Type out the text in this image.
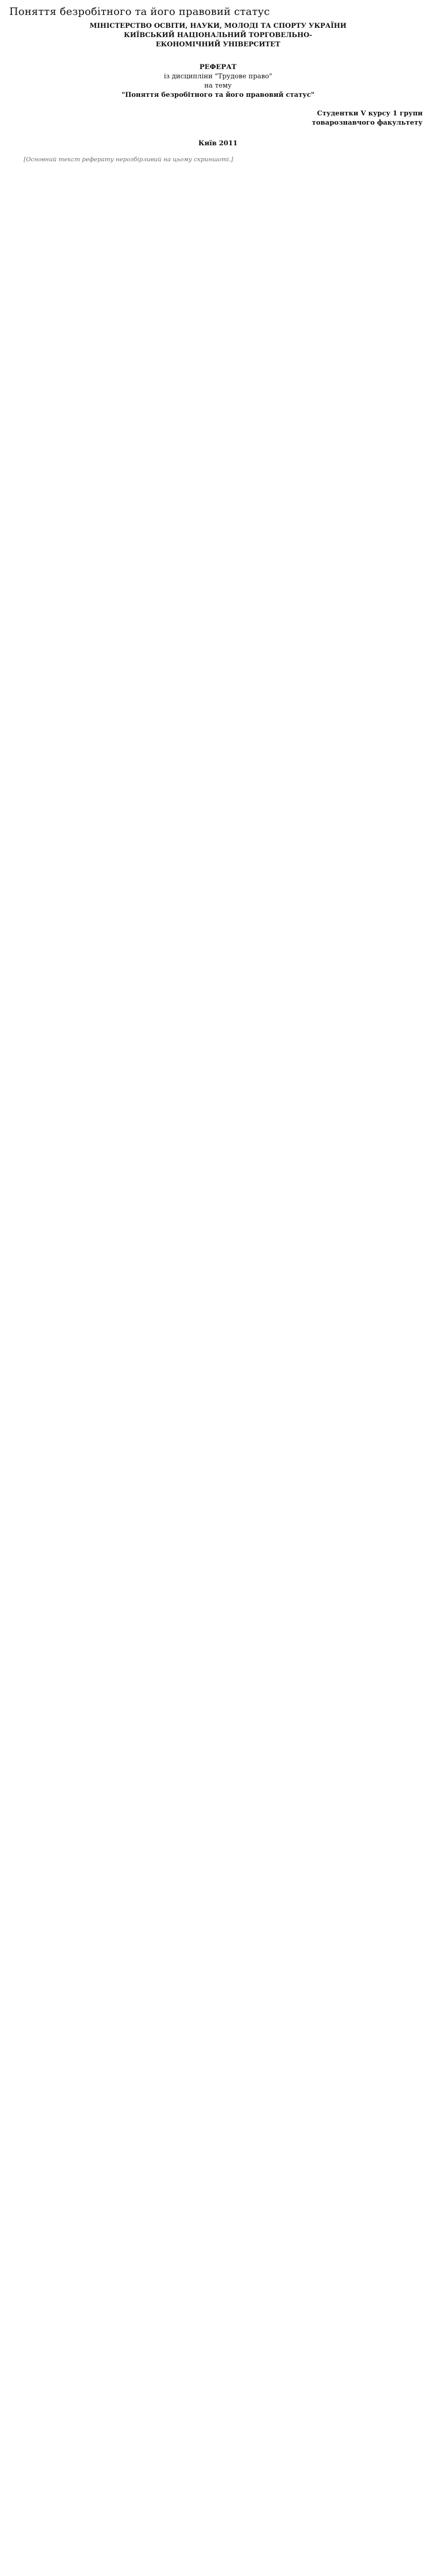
Поняття безробітного та його правовий статус
МІНІСТЕРСТВО ОСВІТИ, НАУКИ, МОЛОДІ ТА СПОРТУ УКРАЇНИ
КИЇВСЬКИЙ НАЦІОНАЛЬНИЙ ТОРГОВЕЛЬНО-
ЕКОНОМІЧНИЙ УНІВЕРСИТЕТ
РЕФЕРАТ
із дисципліни "Трудове право"
на тему
"Поняття безробітного та його правовий статус"
Студентки V курсу 1 групи
товарознавчого факультету
Київ 2011

[Основний текст реферату нерозбірливий на цьому скриншоті.]
